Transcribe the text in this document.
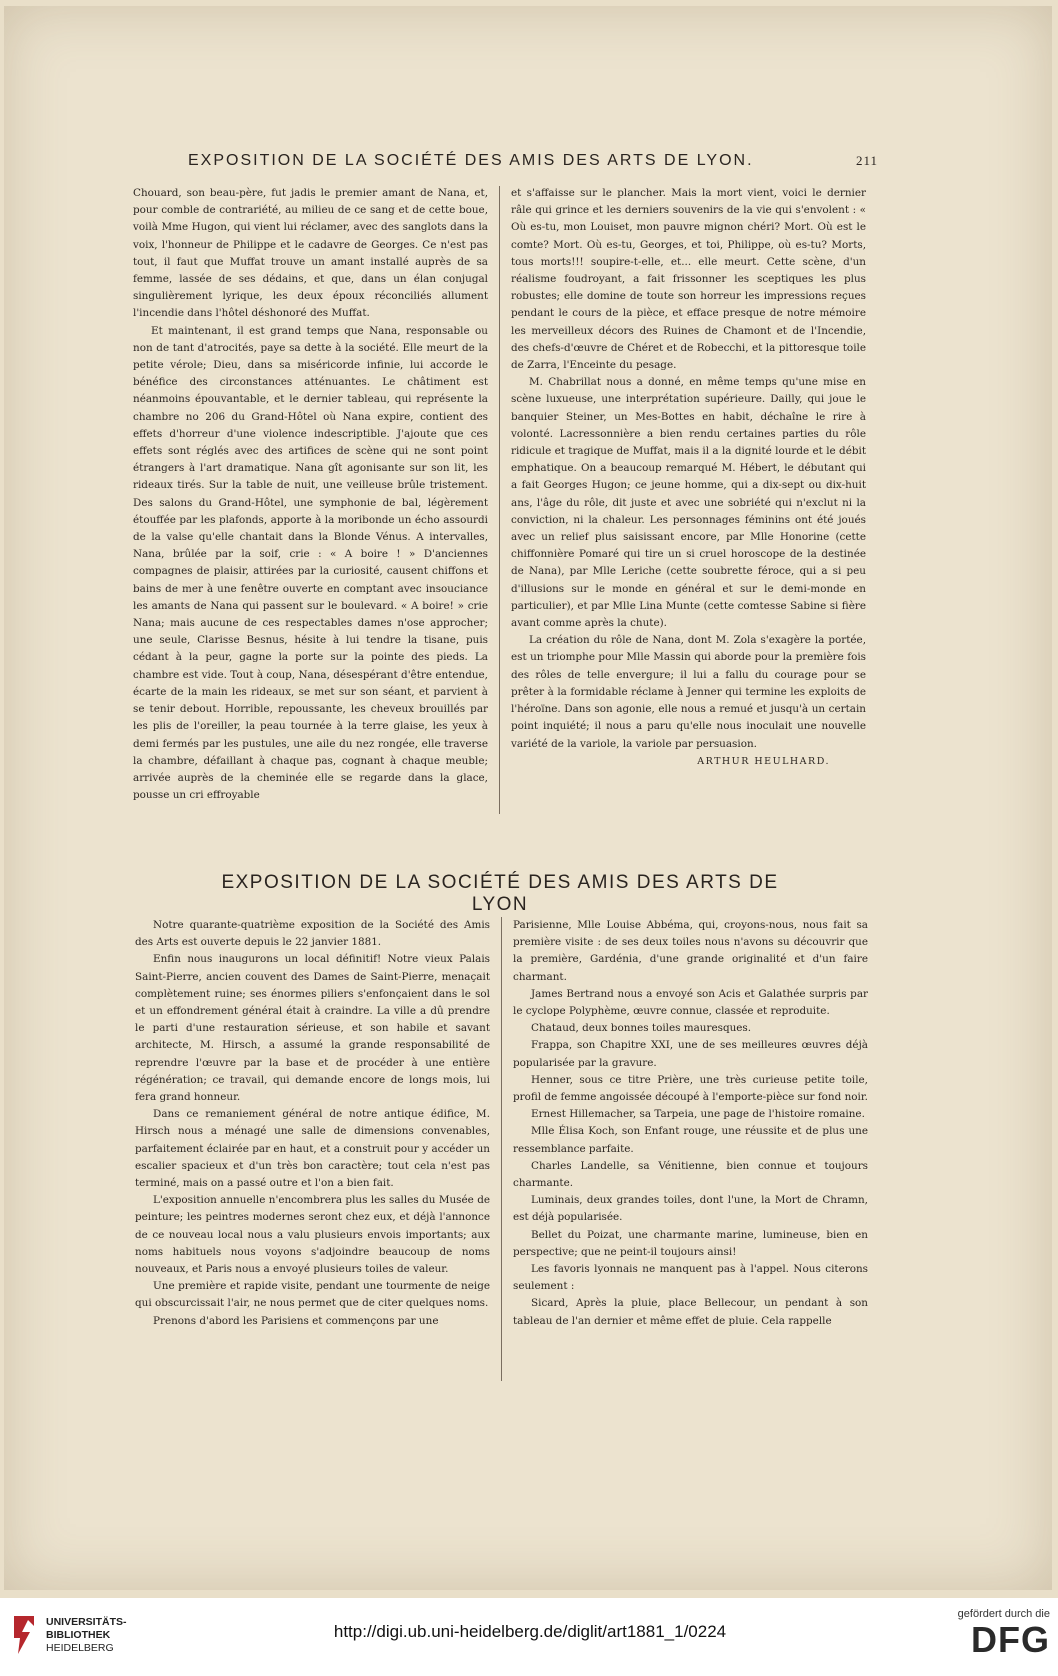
EXPOSITION DE LA SOCIÉTÉ DES AMIS DES ARTS DE LYON.	211

Chouard, son beau-père, fut jadis le premier amant de Nana, et, pour comble de contrariété, au milieu de ce sang et de cette boue, voilà Mme Hugon, qui vient lui réclamer, avec des sanglots dans la voix, l'honneur de Philippe et le cadavre de Georges. Ce n'est pas tout, il faut que Muffat trouve un amant installé auprès de sa femme, lassée de ses dédains, et que, dans un élan conjugal singulièrement lyrique, les deux époux réconciliés allument l'incendie dans l'hôtel déshonoré des Muffat.

Et maintenant, il est grand temps que Nana, responsable ou non de tant d'atrocités, paye sa dette à la société. Elle meurt de la petite vérole; Dieu, dans sa miséricorde infinie, lui accorde le bénéfice des circonstances atténuantes. Le châtiment est néanmoins épouvantable, et le dernier tableau, qui représente la chambre no 206 du Grand-Hôtel où Nana expire, contient des effets d'horreur d'une violence indescriptible. J'ajoute que ces effets sont réglés avec des artifices de scène qui ne sont point étrangers à l'art dramatique. Nana gît agonisante sur son lit, les rideaux tirés. Sur la table de nuit, une veilleuse brûle tristement. Des salons du Grand-Hôtel, une symphonie de bal, légèrement étouffée par les plafonds, apporte à la moribonde un écho assourdi de la valse qu'elle chantait dans la Blonde Vénus. A intervalles, Nana, brûlée par la soif, crie : « A boire ! » D'anciennes compagnes de plaisir, attirées par la curiosité, causent chiffons et bains de mer à une fenêtre ouverte en comptant avec insouciance les amants de Nana qui passent sur le boulevard. « A boire! » crie Nana; mais aucune de ces respectables dames n'ose approcher; une seule, Clarisse Besnus, hésite à lui tendre la tisane, puis cédant à la peur, gagne la porte sur la pointe des pieds. La chambre est vide. Tout à coup, Nana, désespérant d'être entendue, écarte de la main les rideaux, se met sur son séant, et parvient à se tenir debout. Horrible, repoussante, les cheveux brouillés par les plis de l'oreiller, la peau tournée à la terre glaise, les yeux à demi fermés par les pustules, une aile du nez rongée, elle traverse la chambre, défaillant à chaque pas, cognant à chaque meuble; arrivée auprès de la cheminée elle se regarde dans la glace, pousse un cri effroyable

et s'affaisse sur le plancher. Mais la mort vient, voici le dernier râle qui grince et les derniers souvenirs de la vie qui s'envolent : « Où es-tu, mon Louiset, mon pauvre mignon chéri? Mort. Où est le comte? Mort. Où es-tu, Georges, et toi, Philippe, où es-tu? Morts, tous morts!!! soupire-t-elle, et... elle meurt. Cette scène, d'un réalisme foudroyant, a fait frissonner les sceptiques les plus robustes; elle domine de toute son horreur les impressions reçues pendant le cours de la pièce, et efface presque de notre mémoire les merveilleux décors des Ruines de Chamont et de l'Incendie, des chefs-d'œuvre de Chéret et de Robecchi, et la pittoresque toile de Zarra, l'Enceinte du pesage.

M. Chabrillat nous a donné, en même temps qu'une mise en scène luxueuse, une interprétation supérieure. Dailly, qui joue le banquier Steiner, un Mes-Bottes en habit, déchaîne le rire à volonté. Lacressonnière a bien rendu certaines parties du rôle ridicule et tragique de Muffat, mais il a la dignité lourde et le débit emphatique. On a beaucoup remarqué M. Hébert, le débutant qui a fait Georges Hugon; ce jeune homme, qui a dix-sept ou dix-huit ans, l'âge du rôle, dit juste et avec une sobriété qui n'exclut ni la conviction, ni la chaleur. Les personnages féminins ont été joués avec un relief plus saisissant encore, par Mlle Honorine (cette chiffonnière Pomaré qui tire un si cruel horoscope de la destinée de Nana), par Mlle Leriche (cette soubrette féroce, qui a si peu d'illusions sur le monde en général et sur le demi-monde en particulier), et par Mlle Lina Munte (cette comtesse Sabine si fière avant comme après la chute).

La création du rôle de Nana, dont M. Zola s'exagère la portée, est un triomphe pour Mlle Massin qui aborde pour la première fois des rôles de telle envergure; il lui a fallu du courage pour se prêter à la formidable réclame à Jenner qui termine les exploits de l'héroïne. Dans son agonie, elle nous a remué et jusqu'à un certain point inquiété; il nous a paru qu'elle nous inoculait une nouvelle variété de la variole, la variole par persuasion.

ARTHUR HEULHARD.
EXPOSITION DE LA SOCIÉTÉ DES AMIS DES ARTS DE LYON

Notre quarante-quatrième exposition de la Société des Amis des Arts est ouverte depuis le 22 janvier 1881.

Enfin nous inaugurons un local définitif! Notre vieux Palais Saint-Pierre, ancien couvent des Dames de Saint-Pierre, menaçait complètement ruine; ses énormes piliers s'enfonçaient dans le sol et un effondrement général était à craindre. La ville a dû prendre le parti d'une restauration sérieuse, et son habile et savant architecte, M. Hirsch, a assumé la grande responsabilité de reprendre l'œuvre par la base et de procéder à une entière régénération; ce travail, qui demande encore de longs mois, lui fera grand honneur.

Dans ce remaniement général de notre antique édifice, M. Hirsch nous a ménagé une salle de dimensions convenables, parfaitement éclairée par en haut, et a construit pour y accéder un escalier spacieux et d'un très bon caractère; tout cela n'est pas terminé, mais on a passé outre et l'on a bien fait.

L'exposition annuelle n'encombrera plus les salles du Musée de peinture; les peintres modernes seront chez eux, et déjà l'annonce de ce nouveau local nous a valu plusieurs envois importants; aux noms habituels nous voyons s'adjoindre beaucoup de noms nouveaux, et Paris nous a envoyé plusieurs toiles de valeur.

Une première et rapide visite, pendant une tourmente de neige qui obscurcissait l'air, ne nous permet que de citer quelques noms.

Prenons d'abord les Parisiens et commençons par une

Parisienne, Mlle Louise Abbéma, qui, croyons-nous, nous fait sa première visite : de ses deux toiles nous n'avons su découvrir que la première, Gardénia, d'une grande originalité et d'un faire charmant.

James Bertrand nous a envoyé son Acis et Galathée surpris par le cyclope Polyphème, œuvre connue, classée et reproduite.

Chataud, deux bonnes toiles mauresques.

Frappa, son Chapitre XXI, une de ses meilleures œuvres déjà popularisée par la gravure.

Henner, sous ce titre Prière, une très curieuse petite toile, profil de femme angoissée découpé à l'emporte-pièce sur fond noir.

Ernest Hillemacher, sa Tarpeia, une page de l'histoire romaine.

Mlle Élisa Koch, son Enfant rouge, une réussite et de plus une ressemblance parfaite.

Charles Landelle, sa Vénitienne, bien connue et toujours charmante.

Luminais, deux grandes toiles, dont l'une, la Mort de Chramn, est déjà popularisée.

Bellet du Poizat, une charmante marine, lumineuse, bien en perspective; que ne peint-il toujours ainsi!

Les favoris lyonnais ne manquent pas à l'appel. Nous citerons seulement :

Sicard, Après la pluie, place Bellecour, un pendant à son tableau de l'an dernier et même effet de pluie. Cela rappelle

UNIVERSITÄTS-
BIBLIOTHEK
HEIDELBERG
http://digi.ub.uni-heidelberg.de/diglit/art1881_1/0224
gefördert durch die
DFG
